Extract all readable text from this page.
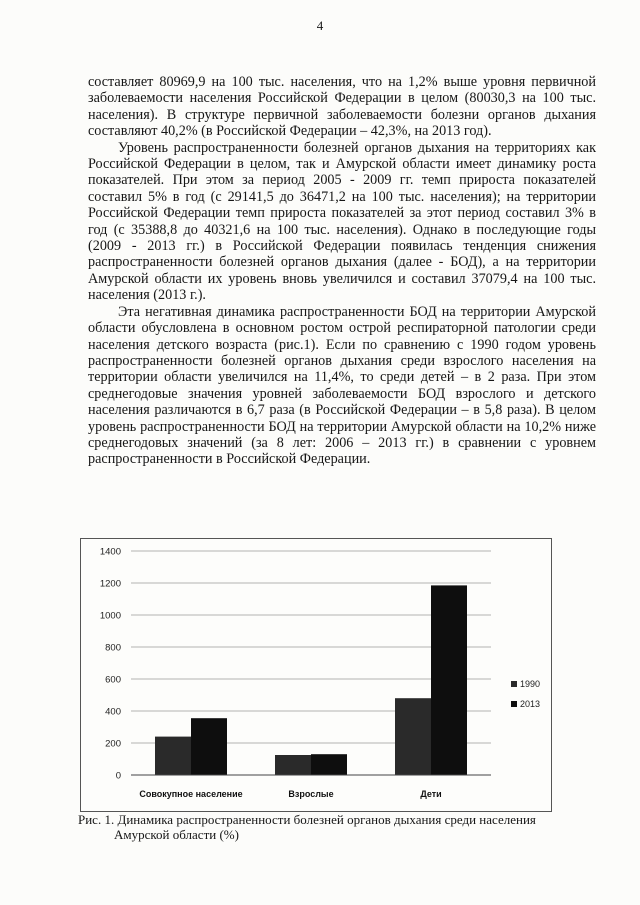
4

составляет 80969,9 на 100 тыс. населения, что на 1,2% выше уровня первичной заболеваемости населения Российской Федерации в целом (80030,3 на 100 тыс. населения). В структуре первичной заболеваемости болезни органов дыхания составляют 40,2% (в Российской Федерации – 42,3%, на 2013 год).

Уровень распространенности болезней органов дыхания на территориях как Российской Федерации в целом, так и Амурской области имеет динамику роста показателей. При этом за период 2005 - 2009 гг. темп прироста показателей составил 5% в год (с 29141,5 до 36471,2 на 100 тыс. населения); на территории Российской Федерации темп прироста показателей за этот период составил 3% в год (с 35388,8 до 40321,6 на 100 тыс. населения). Однако в последующие годы (2009 - 2013 гг.) в Российской Федерации появилась тенденция снижения распространенности болезней органов дыхания (далее - БОД), а на территории Амурской области их уровень вновь увеличился и составил 37079,4 на 100 тыс. населения (2013 г.).

Эта негативная динамика распространенности БОД на территории Амурской области обусловлена в основном ростом острой респираторной патологии среди населения детского возраста (рис.1). Если по сравнению с 1990 годом уровень распространенности болезней органов дыхания среди взрослого населения на территории области увеличился на 11,4%, то среди детей – в 2 раза. При этом среднегодовые значения уровней заболеваемости БОД взрослого и детского населения различаются в 6,7 раза (в Российской Федерации – в 5,8 раза). В целом уровень распространенности БОД на территории Амурской области на 10,2% ниже среднегодовых значений (за 8 лет: 2006 – 2013 гг.) в сравнении с уровнем распространенности в Российской Федерации.

0
200
400
600
800
1000
1200
1400
Совокупное население	Взрослые	Дети
1990
2013
Рис. 1. Динамика распространенности болезней органов дыхания среди населения
Амурской области (%)
